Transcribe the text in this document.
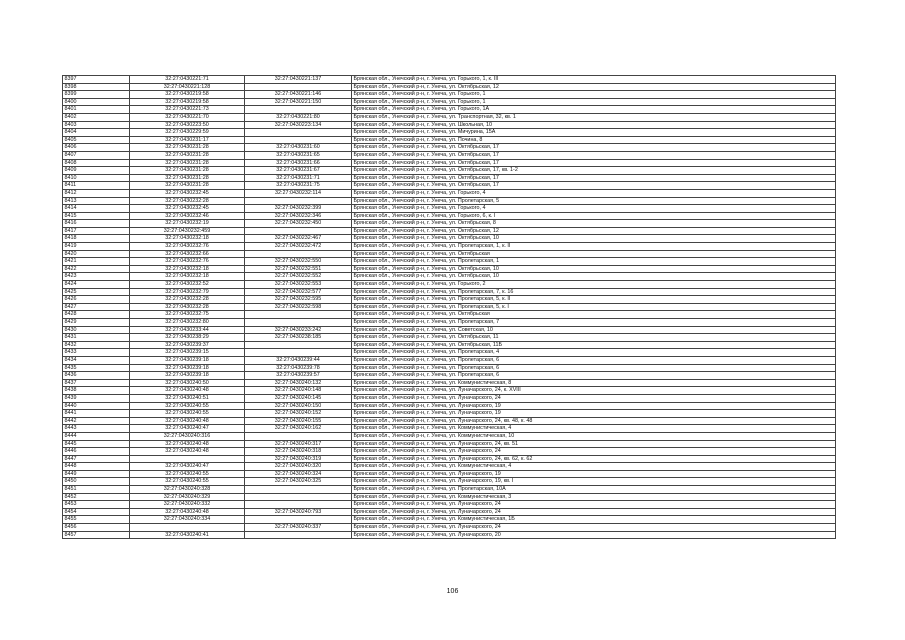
8397	32:27:0430221:71	32:27:0430221:137	Брянская обл., Унечский р-н, г. Унеча, ул. Горького, 1, к. III
8398	32:27:0430221:128		Брянская обл., Унечский р-н, г. Унеча, ул. Октябрьская, 12
8399	32:27:0430219:58	32:27:0430221:146	Брянская обл., Унечский р-н, г. Унеча, ул. Горького, 1
8400	32:27:0430219:58	32:27:0430221:150	Брянская обл., Унечский р-н, г. Унеча, ул. Горького, 1
8401	32:27:0430221:73		Брянская обл., Унечский р-н, г. Унеча, ул. Горького, 1А
8402	32:27:0430221:70	32:27:0430221:80	Брянская обл., Унечский р-н, г. Унеча, ул. Транспортная, 32, кв. 1
8403	32:27:0430223:50	32:27:0430223:134	Брянская обл., Унечский р-н, г. Унеча, ул. Школьная, 10
8404	32:27:0430229:59		Брянская обл., Унечский р-н, г. Унеча, ул. Мичурина, 15А
8405	32:27:0430231:17		Брянская обл., Унечский р-н, г. Унеча, ул. Почина, 8
8406	32:27:0430231:28	32:27:0430231:60	Брянская обл., Унечский р-н, г. Унеча, ул. Октябрьская, 17
8407	32:27:0430231:28	32:27:0430231:65	Брянская обл., Унечский р-н, г. Унеча, ул. Октябрьская, 17
8408	32:27:0430231:28	32:27:0430231:66	Брянская обл., Унечский р-н, г. Унеча, ул. Октябрьская, 17
8409	32:27:0430231:28	32:27:0430231:67	Брянская обл., Унечский р-н, г. Унеча, ул. Октябрьская, 17, кв. 1-2
8410	32:27:0430231:28	32:27:0430231:71	Брянская обл., Унечский р-н, г. Унеча, ул. Октябрьская, 17
8411	32:27:0430231:28	32:27:0430231:75	Брянская обл., Унечский р-н, г. Унеча, ул. Октябрьская, 17
8412	32:27:0430232:45	32:27:0430232:114	Брянская обл., Унечский р-н, г. Унеча, ул. Горького, 4
8413	32:27:0430232:28		Брянская обл., Унечский р-н, г. Унеча, ул. Пролетарская, 5
8414	32:27:0430232:45	32:27:0430232:399	Брянская обл., Унечский р-н, г. Унеча, ул. Горького, 4
8415	32:27:0430232:46	32:27:0430232:346	Брянская обл., Унечский р-н, г. Унеча, ул. Горького, 6, к. I
8416	32:27:0430232:19	32:27:0430232:450	Брянская обл., Унечский р-н, г. Унеча, ул. Октябрьская, 8
8417	32:27:0430232:459		Брянская обл., Унечский р-н, г. Унеча, ул. Октябрьская, 12
8418	32:27:0430232:18	32:27:0430232:467	Брянская обл., Унечский р-н, г. Унеча, ул. Октябрьская, 10
8419	32:27:0430232:76	32:27:0430232:472	Брянская обл., Унечский р-н, г. Унеча, ул. Пролетарская, 1, к. II
8420	32:27:0430232:66		Брянская обл., Унечский р-н, г. Унеча, ул. Октябрьская
8421	32:27:0430232:76	32:27:0430232:550	Брянская обл., Унечский р-н, г. Унеча, ул. Пролетарская, 1
8422	32:27:0430232:18	32:27:0430232:551	Брянская обл., Унечский р-н, г. Унеча, ул. Октябрьская, 10
8423	32:27:0430232:18	32:27:0430232:552	Брянская обл., Унечский р-н, г. Унеча, ул. Октябрьская, 10
8424	32:27:0430232:52	32:27:0430232:553	Брянская обл., Унечский р-н, г. Унеча, ул. Горького, 2
8425	32:27:0430232:79	32:27:0430232:577	Брянская обл., Унечский р-н, г. Унеча, ул. Пролетарская, 7, к. 16
8426	32:27:0430232:28	32:27:0430232:595	Брянская обл., Унечский р-н, г. Унеча, ул. Пролетарская, 5, к. II
8427	32:27:0430232:28	32:27:0430232:598	Брянская обл., Унечский р-н, г. Унеча, ул. Пролетарская, 5, к. I
8428	32:27:0430232:75		Брянская обл., Унечский р-н, г. Унеча, ул. Октябрьская
8429	32:27:0430232:80		Брянская обл., Унечский р-н, г. Унеча, ул. Пролетарская, 7
8430	32:27:0430233:44	32:27:0430233:242	Брянская обл., Унечский р-н, г. Унеча, ул. Советская, 10
8431	32:27:0430238:29	32:27:0430238:185	Брянская обл., Унечский р-н, г. Унеча, ул. Октябрьская, 11
8432	32:27:0430239:37		Брянская обл., Унечский р-н, г. Унеча, ул. Октябрьская, 11Б
8433	32:27:0430239:15		Брянская обл., Унечский р-н, г. Унеча, ул. Пролетарская, 4
8434	32:27:0430239:18	32:27:0430239:44	Брянская обл., Унечский р-н, г. Унеча, ул. Пролетарская, 6
8435	32:27:0430239:18	32:27:0430239:78	Брянская обл., Унечский р-н, г. Унеча, ул. Пролетарская, 6
8436	32:27:0430239:18	32:27:0430239:57	Брянская обл., Унечский р-н, г. Унеча, ул. Пролетарская, 6
8437	32:27:0430240:50	32:27:0430240:132	Брянская обл., Унечский р-н, г. Унеча, ул. Коммунистическая, 8
8438	32:27:0430240:48	32:27:0430240:148	Брянская обл., Унечский р-н, г. Унеча, ул. Луначарского, 24, к. XVIII
8439	32:27:0430240:51	32:27:0430240:145	Брянская обл., Унечский р-н, г. Унеча, ул. Луначарского, 24
8440	32:27:0430240:55	32:27:0430240:150	Брянская обл., Унечский р-н, г. Унеча, ул. Луначарского, 19
8441	32:27:0430240:55	32:27:0430240:152	Брянская обл., Унечский р-н, г. Унеча, ул. Луначарского, 19
8442	32:27:0430240:48	32:27:0430240:155	Брянская обл., Унечский р-н, г. Унеча, ул. Луначарского, 24, кв. 48, к. 48
8443	32:27:0430240:47	32:27:0430240:162	Брянская обл., Унечский р-н, г. Унеча, ул. Коммунистическая, 4
8444	32:27:0430240:316		Брянская обл., Унечский р-н, г. Унеча, ул. Коммунистическая, 10
8445	32:27:0430240:48	32:27:0430240:317	Брянская обл., Унечский р-н, г. Унеча, ул. Луначарского, 24, кв. 51
8446	32:27:0430240:48	32:27:0430240:318	Брянская обл., Унечский р-н, г. Унеча, ул. Луначарского, 24
8447		32:27:0430240:319	Брянская обл., Унечский р-н, г. Унеча, ул. Луначарского, 24, кв. 62, к. 62
8448	32:27:0430240:47	32:27:0430240:320	Брянская обл., Унечский р-н, г. Унеча, ул. Коммунистическая, 4
8449	32:27:0430240:55	32:27:0430240:324	Брянская обл., Унечский р-н, г. Унеча, ул. Луначарского, 19
8450	32:27:0430240:55	32:27:0430240:325	Брянская обл., Унечский р-н, г. Унеча, ул. Луначарского, 19, кв. I
8451	32:27:0430240:328		Брянская обл., Унечский р-н, г. Унеча, ул. Пролетарская, 10А
8452	32:27:0430240:329		Брянская обл., Унечский р-н, г. Унеча, ул. Коммунистическая, 3
8453	32:27:0430240:332		Брянская обл., Унечский р-н, г. Унеча, ул. Луначарского, 24
8454	32:27:0430240:48	32:27:0430240:793	Брянская обл., Унечский р-н, г. Унеча, ул. Луначарского, 24
8455	32:27:0430240:334		Брянская обл., Унечский р-н, г. Унеча, ул. Коммунистическая, 1Б
8456		32:27:0430240:337	Брянская обл., Унечский р-н, г. Унеча, ул. Луначарского, 24
8457	32:27:0430240:41		Брянская обл., Унечский р-н, г. Унеча, ул. Луначарского, 20
106
